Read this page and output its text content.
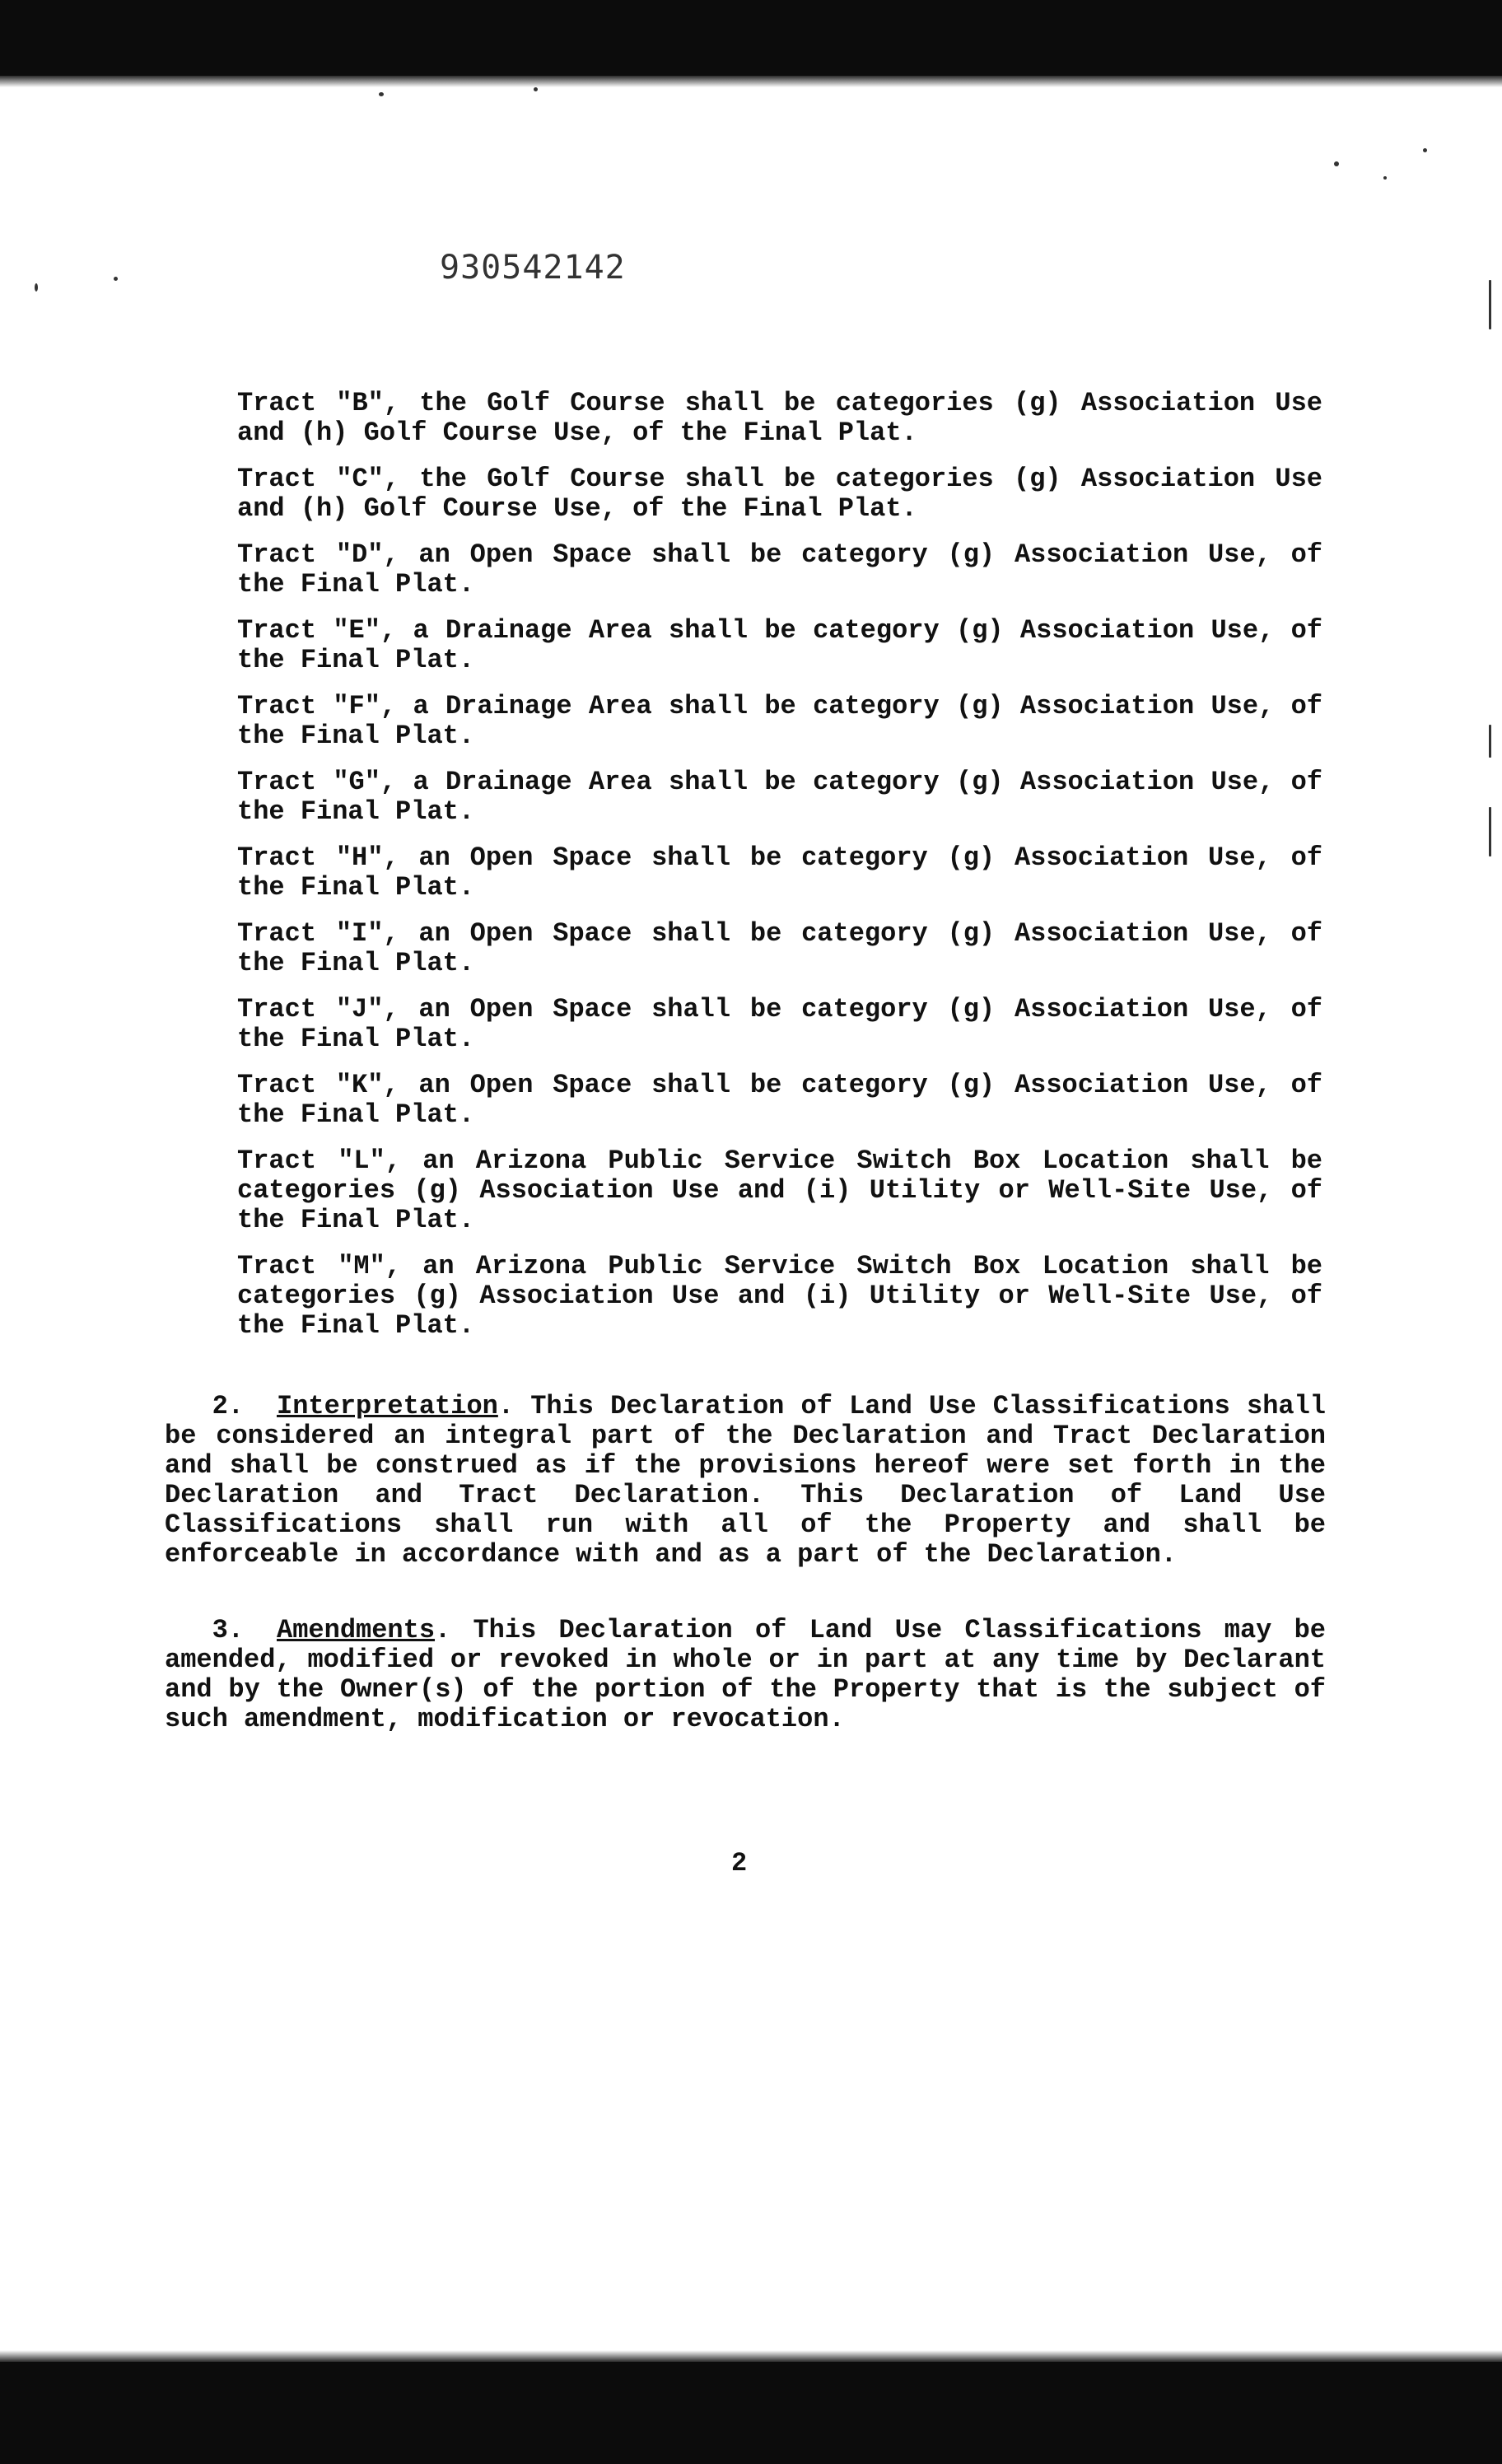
930542142
Tract "B", the Golf Course shall be categories (g) Association Use and (h) Golf Course Use, of the Final Plat.
Tract "C", the Golf Course shall be categories (g) Association Use and (h) Golf Course Use, of the Final Plat.
Tract "D", an Open Space shall be category (g) Association Use, of the Final Plat.
Tract "E", a Drainage Area shall be category (g) Association Use, of the Final Plat.
Tract "F", a Drainage Area shall be category (g) Association Use, of the Final Plat.
Tract "G", a Drainage Area shall be category (g) Association Use, of the Final Plat.
Tract "H", an Open Space shall be category (g) Association Use, of the Final Plat.
Tract "I", an Open Space shall be category (g) Association Use, of the Final Plat.
Tract "J", an Open Space shall be category (g) Association Use, of the Final Plat.
Tract "K", an Open Space shall be category (g) Association Use, of the Final Plat.
Tract "L", an Arizona Public Service Switch Box Location shall be categories (g) Association Use and (i) Utility or Well-Site Use, of the Final Plat.
Tract "M", an Arizona Public Service Switch Box Location shall be categories (g) Association Use and (i) Utility or Well-Site Use, of the Final Plat.

2. Interpretation. This Declaration of Land Use Classifications shall be considered an integral part of the Declaration and Tract Declaration and shall be construed as if the provisions hereof were set forth in the Declaration and Tract Declaration. This Declaration of Land Use Classifications shall run with all of the Property and shall be enforceable in accordance with and as a part of the Declaration.

3. Amendments. This Declaration of Land Use Classifications may be amended, modified or revoked in whole or in part at any time by Declarant and by the Owner(s) of the portion of the Property that is the subject of such amendment, modification or revocation.

2
